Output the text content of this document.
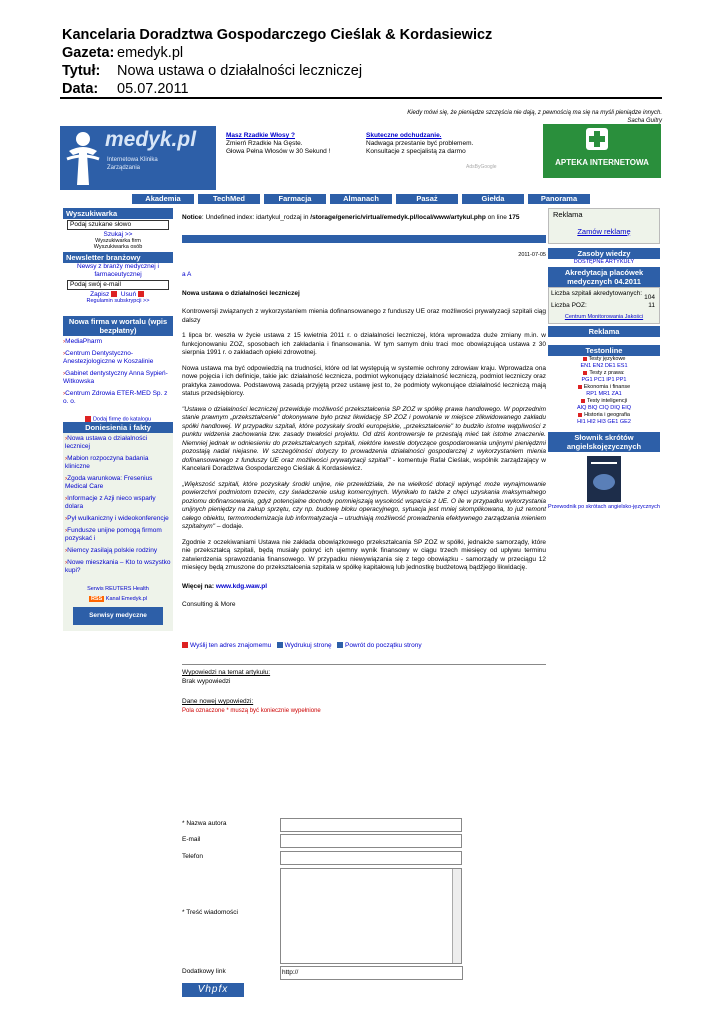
Kancelaria Doradztwa Gospodarczego Cieślak & Kordasiewicz
Gazeta: emedyk.pl
Tytuł: Nowa ustawa o działalności leczniczej
Data: 05.07.2011
Kiedy mówi się, że pieniądze szczęścia nie dają, z pewnością ma się na myśli pieniądze innych.
Sacha Guitry
medyk.pl
Internetowa Klinika
Zarządzania
Masz Rzadkie Włosy ?
Zmierń Rzadkie Na Gęste.
Głowa Pełna Włosów w 30 Sekund !
Skuteczne odchudzanie.
Nadwaga przestanie być problemem.
Konsultacje z specjalistą za darmo
AdsByGoogle	APTEKA INTERNETOWA
Akademia	TechMed	Farmacja	Almanach	Pasaż	Giełda	Panorama
Wyszukiwarka
Podaj szukane słowo
Szukaj >>
Wyszukiwarka firm
Wyszukiwarka osób
Newsletter branżowy
Newsy z branży medycznej i farmaceutycznej
Podaj swój e-mail
Zapisz Usuń
Regulamin subskrypcji >>
Nowa firma w wortalu (wpis bezpłatny)
›MediaPharm
›Centrum Dentystyczno-Anestezjologiczne w Koszalinie
›Gabinet dentystyczny Anna Sypień-Witkowska
›Centrum Zdrowia ETER-MED Sp. z o. o.
Dodaj firmę do katalogu
Doniesienia i fakty
›Nowa ustawa o działalności lecznicej
›Mabion rozpoczyna badania kliniczne
›Zgoda warunkowa: Fresenius Medical Care
›Informacje z Azji nieco wsparły dolara
›Pył wulkaniczny i wideokonferencje
›Fundusze unijne pomogą firmom pozyskać i
›Niemcy zasilają polskie rodziny
›Nowe mieszkania – Kto to wszystko kupi?
Serwis REUTERS Health
RSS Kanał Emedyk.pl
Serwisy medyczne
Notice: Undefined index: idartykul_rodzaj in /storage/generic/virtual/emedyk.pl/local/www/artykul.php on line 175
2011-07-05
a A
Nowa ustawa o działalności leczniczej

Kontrowersji związanych z wykorzystaniem mienia dofinansowanego z funduszy UE oraz możliwości prywatyzacji szpitali ciąg dalszy

1 lipca br. weszła w życie ustawa z 15 kwietnia 2011 r. o działalności leczniczej, która wprowadza duże zmiany m.in. w funkcjonowaniu ZOZ, sposobach ich zakładania i finansowania. W tym samym dniu traci moc obowiązująca ustawa z 30 sierpnia 1991 r. o zakładach opieki zdrowotnej.

Nowa ustawa ma być odpowiedzią na trudności, które od lat występują w systemie ochrony zdrowiaw kraju. Wprowadza ona nowe pojęcia i ich definicje, takie jak: działalność lecznicza, podmiot wykonujący działalność leczniczą, podmiot leczniczy oraz praktyka zawodowa. Podstawową zasadą przyjętą przez ustawę jest to, że podmioty wykonujące działalność leczniczą mają status przedsiębiorcy.

"Ustawa o działalności leczniczej przewiduje możliwość przekształcenia SP ZOZ w spółkę prawa handlowego. W poprzednim stanie prawnym „przekształcenie" dokonywane było przez likwidację SP ZOZ i powołanie w miejsce zlikwidowanego zakładu spółki handlowej. W przypadku szpitali, które pozyskały środki europejskie, „przekształcenie" to budziło istotne wątpliwości z punktu widzenia zachowania tzw. zasady trwałości projektu. Od dziś kontrowersje te przestają mieć tak istotne znaczenie. Niemniej jednak w odniesieniu do przekształcanych szpitali, niektóre kwestie dotyczące gospodarowania unijnymi pieniędzmi pozostają nadal niejasne. W szczególności dotyczy to prowadzenia działalności gospodarczej z wykorzystaniem mienia dofinansowanego z funduszy UE oraz możliwości prywatyzacji szpitali" - komentuje Rafał Cieślak, wspólnik zarządzający w Kancelarii Doradztwa Gospodarczego Cieślak & Kordasiewicz.

„Większość szpitali, które pozyskały środki unijne, nie przewidziała, że na wielkość dotacji wpłynąć może wynajmowanie powierzchni podmiotom trzecim, czy świadczenie usług komercyjnych. Wynikało to także z chęci uzyskania maksymalnego poziomu dofinansowania, gdyż potencjalne dochody pomniejszają wysokość wsparcia z UE. O ile w przypadku wykorzystania unijnych pieniędzy na zakup sprzętu, czy np. budowę bloku operacyjnego, sytuacja jest mniej skomplikowana, to już remont całego obiektu, termomodernizacja lub informatyzacja – utrudniają możliwość prowadzenia efektywnego zarządzania mieniem szpitalnym" – dodaje.

Zgodnie z oczekiwaniami Ustawa nie zakłada obowiązkowego przekształcania SP ZOZ w spółki, jednakże samorządy, które nie przekształcą szpitali, będą musiały pokryć ich ujemny wynik finansowy w ciągu trzech miesięcy od upływu terminu zatwierdzenia sprawozdania finansowego. W przypadku niewywiązania się z tego obowiązku - samorządy w przeciągu 12 miesięcy będą zmuszone do przekształcenia szpitala w spółkę kapitałową lub jednostkę budżetową bądźjego likwidację.

Więcej na: www.kdg.waw.pl
Consulting & More
Wyślij ten adres znajomemu Wydrukuj stronę Powrót do początku strony
Wypowiedzi na temat artykułu:
Brak wypowiedzi
Dane nowej wypowiedzi:
Pola oznaczone * muszą być koniecznie wypełnione
* Nazwa autora
E-mail
Telefon
* Treść wiadomości
Dodatkowy link	http://
Vhpfx
Reklama
Zamów reklamę
Zasoby wiedzy
DOSTĘPNE ARTYKUŁY
Akredytacja placówek medycznych 04.2011
Liczba szpitali akredytowanych:
104
Liczba POZ:	11
Centrum Monitorowania Jakości
Reklama
Testonline
Testy językowe
EN1 EN2 DE1 ES1
Testy z prawa:
PG1 PC1 IP1 PP1
Ekonomia i finanse
RP1 MR1 ZA1
Testy inteligencji
AIQ BIQ CIQ DIQ EIQ
Historia i geografia
HI1 HI2 HI3 GE1 GE2
Słownik skrótów angielskojęzycznych
Przewodnik po skrótach angielsko-języcznych
